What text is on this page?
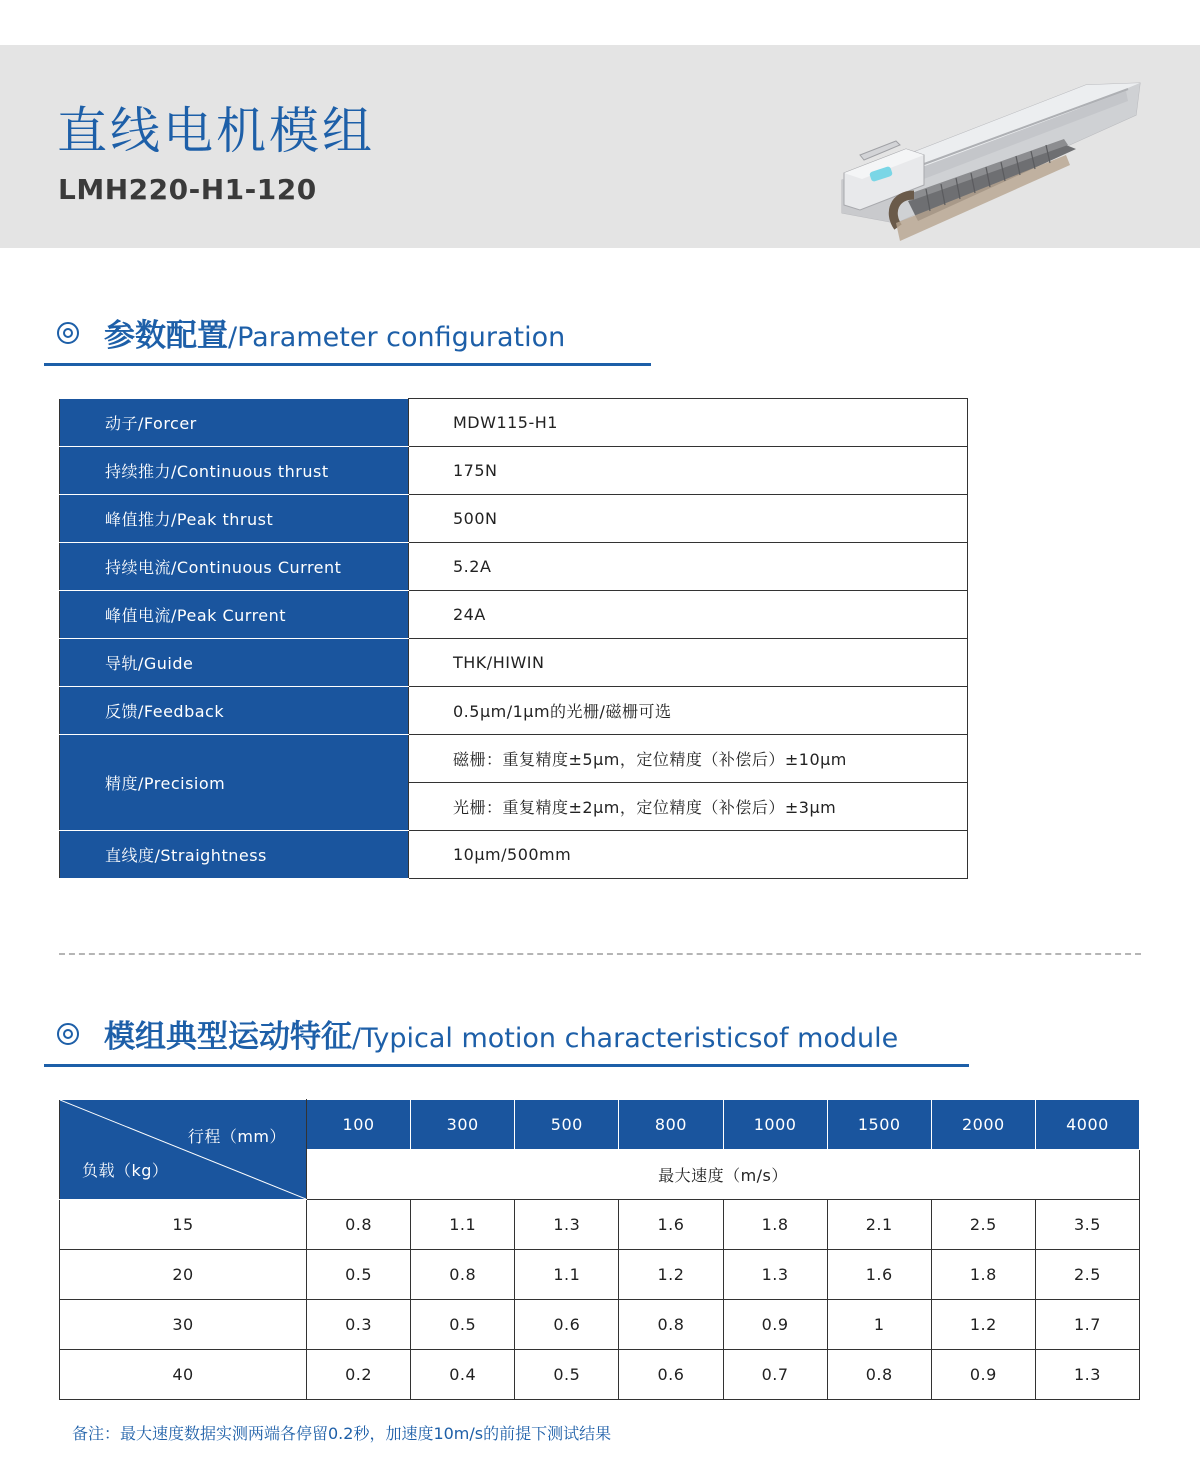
直线电机模组
LMH220-H1-120
参数配置/Parameter configuration
动子/Forcer	MDW115-H1
持续推力/Continuous thrust	175N
峰值推力/Peak thrust	500N
持续电流/Continuous Current	5.2A
峰值电流/Peak Current	24A
导轨/Guide	THK/HIWIN
反馈/Feedback	0.5μm/1μm的光栅/磁栅可选
精度/Precisiom	磁栅：重复精度±5μm，定位精度（补偿后）±10μm
	光栅：重复精度±2μm，定位精度（补偿后）±3μm
直线度/Straightness	10μm/500mm
模组典型运动特征/Typical motion characteristicsof module
行程（mm）
负载（kg）	100	300	500	800	1000	1500	2000	4000
	最大速度（m/s）							
15	0.8	1.1	1.3	1.6	1.8	2.1	2.5	3.5
20	0.5	0.8	1.1	1.2	1.3	1.6	1.8	2.5
30	0.3	0.5	0.6	0.8	0.9	1	1.2	1.7
40	0.2	0.4	0.5	0.6	0.7	0.8	0.9	1.3
备注：最大速度数据实测两端各停留0.2秒，加速度10m/s的前提下测试结果
